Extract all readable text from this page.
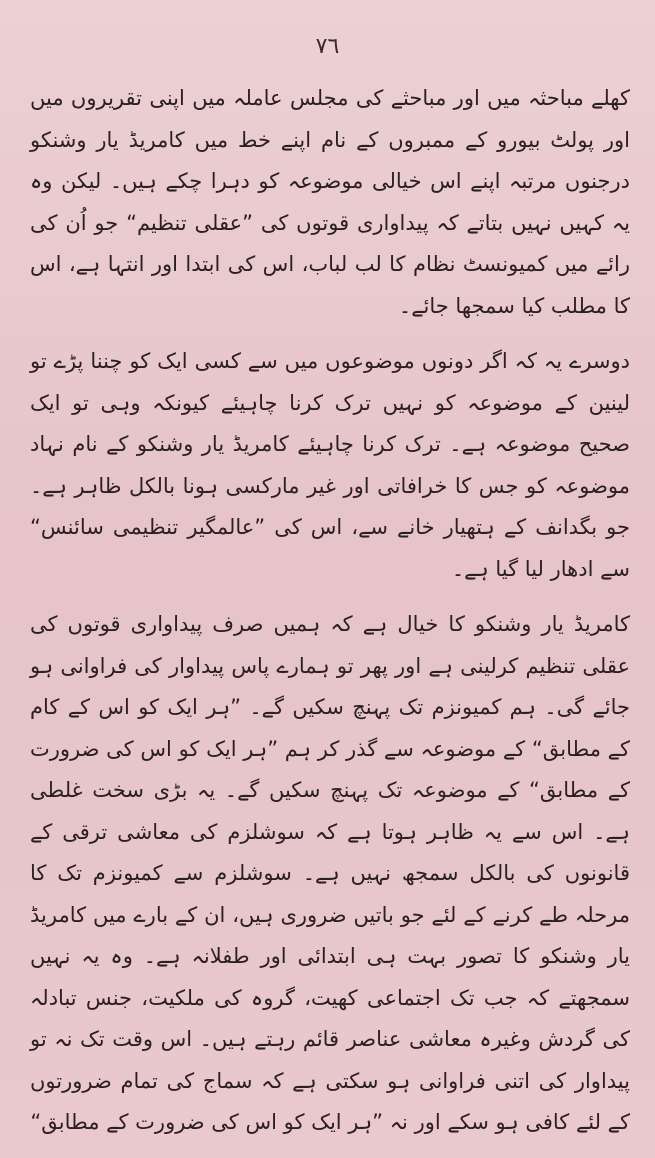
٧٦

کھلے مباحثہ میں اور مباحثے کی مجلس عاملہ میں اپنی تقریروں میں اور پولٹ بیورو کے ممبروں کے نام اپنے خط میں کامریڈ یار وشنکو درجنوں مرتبہ اپنے اس خیالی موضوعہ کو دہرا چکے ہیں۔ لیکن وہ یہ کہیں نہیں بتاتے کہ پیداواری قوتوں کی ”عقلی تنظیم“ جو اُن کی رائے میں کمیونسٹ نظام کا لب لباب، اس کی ابتدا اور انتہا ہے، اس کا مطلب کیا سمجھا جائے۔

دوسرے یہ کہ اگر دونوں موضوعوں میں سے کسی ایک کو چننا پڑے تو لینین کے موضوعہ کو نہیں ترک کرنا چاہیئے کیونکہ وہی تو ایک صحیح موضوعہ ہے۔ ترک کرنا چاہیئے کامریڈ یار وشنکو کے نام نہاد موضوعہ کو جس کا خرافاتی اور غیر مارکسی ہونا بالکل ظاہر ہے۔ جو بگدانف کے ہتھیار خانے سے، اس کی ”عالمگیر تنظیمی سائنس“ سے ادھار لیا گیا ہے۔

کامریڈ یار وشنکو کا خیال ہے کہ ہمیں صرف پیداواری قوتوں کی عقلی تنظیم کرلینی ہے اور پھر تو ہمارے پاس پیداوار کی فراوانی ہو جائے گی۔ ہم کمیونزم تک پہنچ سکیں گے۔ ”ہر ایک کو اس کے کام کے مطابق“ کے موضوعہ سے گذر کر ہم ”ہر ایک کو اس کی ضرورت کے مطابق“ کے موضوعہ تک پہنچ سکیں گے۔ یہ بڑی سخت غلطی ہے۔ اس سے یہ ظاہر ہوتا ہے کہ سوشلزم کی معاشی ترقی کے قانونوں کی بالکل سمجھ نہیں ہے۔ سوشلزم سے کمیونزم تک کا مرحلہ طے کرنے کے لئے جو باتیں ضروری ہیں، ان کے بارے میں کامریڈ یار وشنکو کا تصور بہت ہی ابتدائی اور طفلانہ ہے۔ وہ یہ نہیں سمجھتے کہ جب تک اجتماعی کھیت، گروہ کی ملکیت، جنس تبادلہ کی گردش وغیرہ معاشی عناصر قائم رہتے ہیں۔ اس وقت تک نہ تو پیداوار کی اتنی فراوانی ہو سکتی ہے کہ سماج کی تمام ضرورتوں کے لئے کافی ہو سکے اور نہ ”ہر ایک کو اس کی ضرورت کے مطابق“
